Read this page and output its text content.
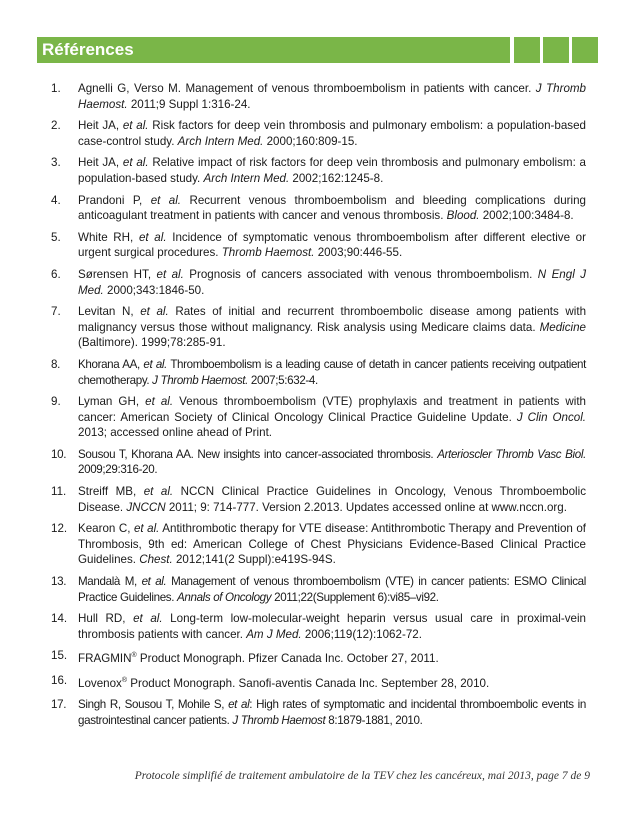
Références
1.	Agnelli G, Verso M. Management of venous thromboembolism in patients with cancer. J Thromb Haemost. 2011;9 Suppl 1:316-24.
2.	Heit JA, et al. Risk factors for deep vein thrombosis and pulmonary embolism: a population-based case-control study. Arch Intern Med. 2000;160:809-15.
3.	Heit JA, et al. Relative impact of risk factors for deep vein thrombosis and pulmonary embolism: a population-based study. Arch Intern Med. 2002;162:1245-8.
4.	Prandoni P, et al. Recurrent venous thromboembolism and bleeding complications during anticoagulant treatment in patients with cancer and venous thrombosis. Blood. 2002;100:3484-8.
5.	White RH, et al. Incidence of symptomatic venous thromboembolism after different elective or urgent surgical procedures. Thromb Haemost. 2003;90:446-55.
6.	Sørensen HT, et al. Prognosis of cancers associated with venous thromboembolism. N Engl J Med. 2000;343:1846-50.
7.	Levitan N, et al. Rates of initial and recurrent thromboembolic disease among patients with malignancy versus those without malignancy. Risk analysis using Medicare claims data. Medicine (Baltimore). 1999;78:285-91.
8.	Khorana AA, et al. Thromboembolism is a leading cause of detath in cancer patients receiving outpatient chemotherapy. J Thromb Haemost. 2007;5:632-4.
9.	Lyman GH, et al. Venous thromboembolism (VTE) prophylaxis and treatment in patients with cancer: American Society of Clinical Oncology Clinical Practice Guideline Update. J Clin Oncol. 2013; accessed online ahead of Print.
10.	Sousou T, Khorana AA. New insights into cancer-associated thrombosis. Arterioscler Thromb Vasc Biol. 2009;29:316-20.
11.	Streiff MB, et al. NCCN Clinical Practice Guidelines in Oncology, Venous Thromboembolic Disease. JNCCN 2011; 9: 714-777. Version 2.2013. Updates accessed online at www.nccn.org.
12. Kearon C, et al. Antithrombotic therapy for VTE disease: Antithrombotic Therapy and Prevention of Thrombosis, 9th ed: American College of Chest Physicians Evidence-Based Clinical Practice Guidelines. Chest. 2012;141(2 Suppl):e419S-94S.
13.	Mandalà M, et al. Management of venous thromboembolism (VTE) in cancer patients: ESMO Clinical Practice Guidelines. Annals of Oncology 2011;22(Supplement 6):vi85–vi92.
14. Hull RD, et al. Long-term low-molecular-weight heparin versus usual care in proximal-vein thrombosis patients with cancer. Am J Med. 2006;119(12):1062-72.
15. FRAGMIN® Product Monograph. Pfizer Canada Inc. October 27, 2011.
16. Lovenox® Product Monograph. Sanofi-aventis Canada Inc. September 28, 2010.
17.	Singh R, Sousou T, Mohile S, et al: High rates of symptomatic and incidental thromboembolic events in gastrointestinal cancer patients. J Thromb Haemost 8:1879-1881, 2010.
Protocole simplifié de traitement ambulatoire de la TEV chez les cancéreux, mai 2013, page 7 de 9
